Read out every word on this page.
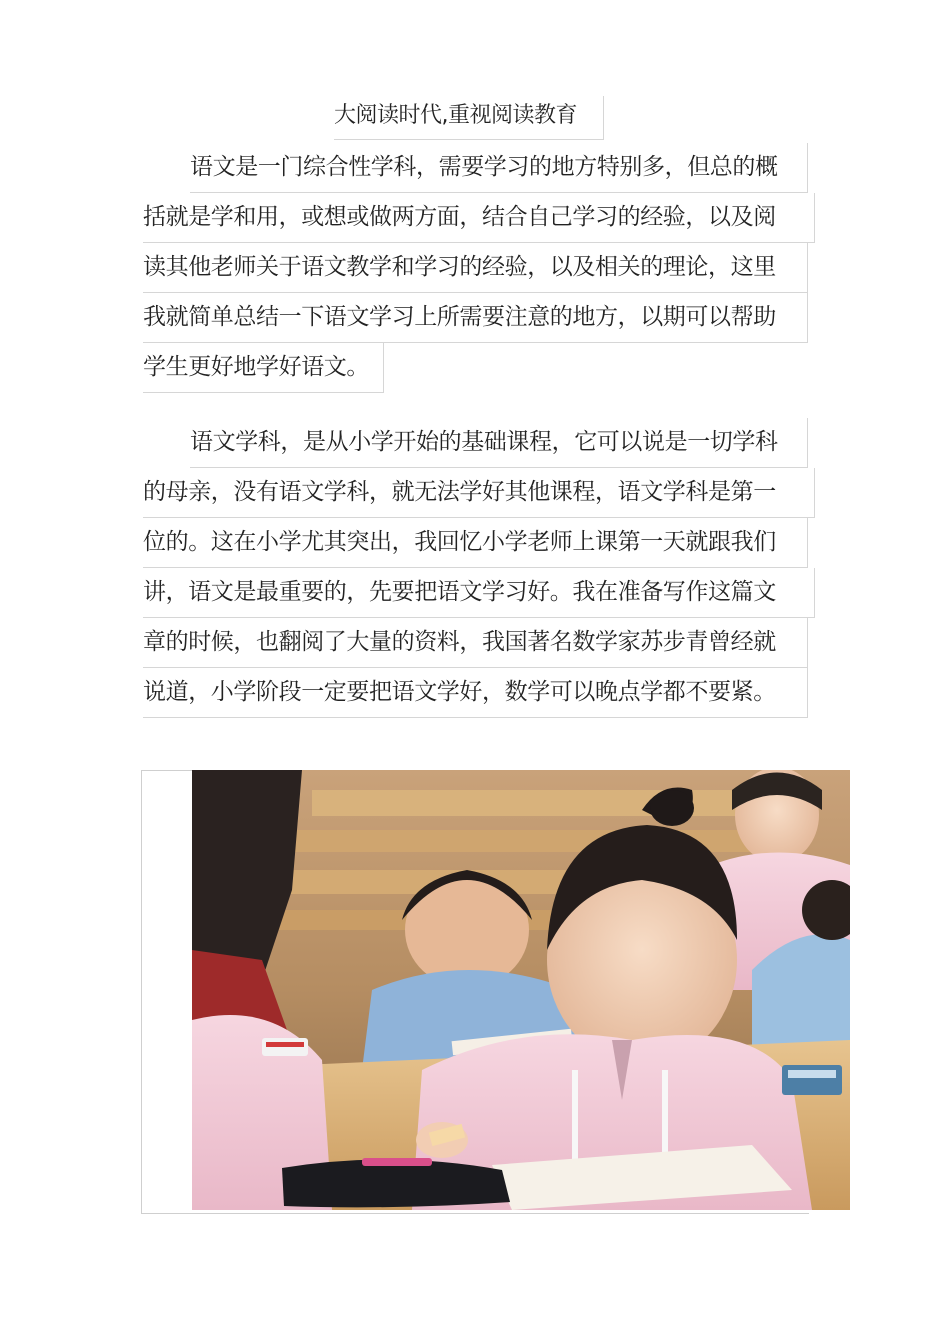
大阅读时代,重视阅读教育
语文是一门综合性学科，需要学习的地方特别多，但总的概
括就是学和用，或想或做两方面，结合自己学习的经验，以及阅
读其他老师关于语文教学和学习的经验，以及相关的理论，这里
我就简单总结一下语文学习上所需要注意的地方，以期可以帮助
学生更好地学好语文。
语文学科，是从小学开始的基础课程，它可以说是一切学科
的母亲，没有语文学科，就无法学好其他课程，语文学科是第一
位的。这在小学尤其突出，我回忆小学老师上课第一天就跟我们
讲，语文是最重要的，先要把语文学习好。我在准备写作这篇文
章的时候，也翻阅了大量的资料，我国著名数学家苏步青曾经就
说道，小学阶段一定要把语文学好，数学可以晚点学都不要紧。
